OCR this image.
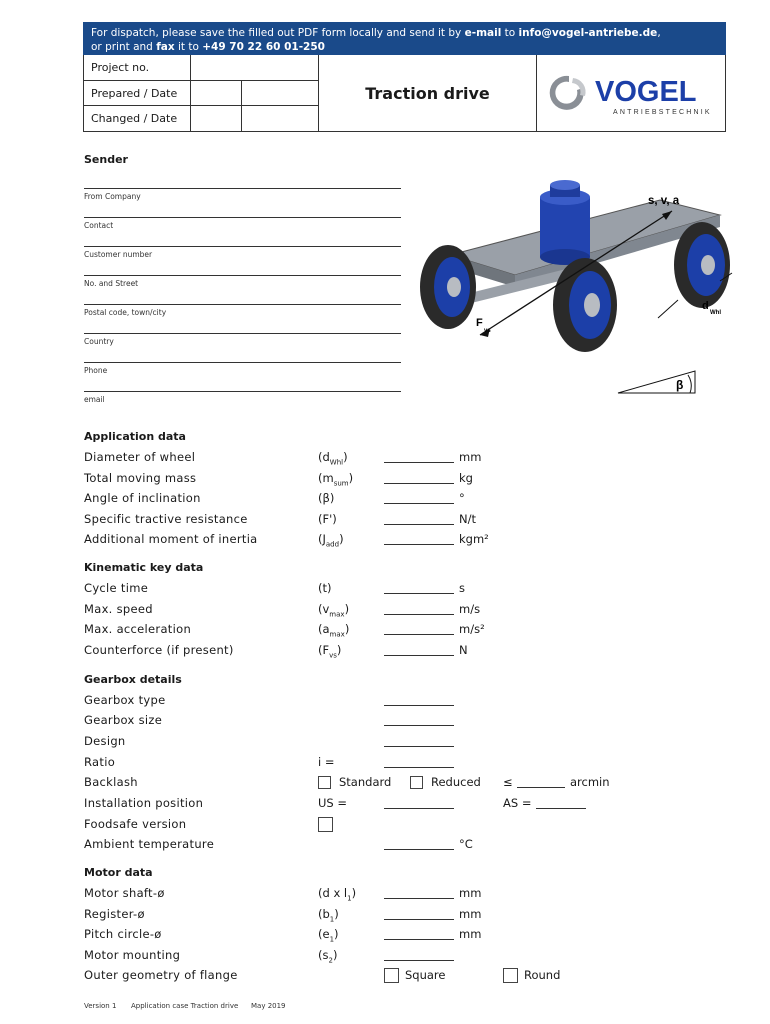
For dispatch, please save the filled out PDF form locally and send it by e-mail to info@vogel-antriebe.de,
or print and fax it to +49 70 22 60 01-250
Project no.
Prepared / Date
Changed / Date
Traction drive	VOGEL
ANTRIEBSTECHNIK
Sender
From Company
Contact
Customer number
No. and Street
Postal code, town/city
Country
Phone
email
s, v, a
F
vs
d
Whl
β
Application data
Diameter of wheel	$(d_{Whl})$	mm
Total moving mass	$(m_{sum})$	kg
Angle of inclination	(β)	°
Specific tractive resistance	(F')	N/t
Additional moment of inertia	$(J_{add})$	kgm²
Kinematic key data
Cycle time	(t)	s
Max. speed	$(v_{max})$	m/s
Max. acceleration	$(a_{max})$	m/s²
Counterforce (if present)	$(F_{vs})$	N
Gearbox details
Gearbox type
Gearbox size
Design
Ratio	i =
Backlash	Standard	Reduced ≤	arcmin
Installation position	US =	AS =
Foodsafe version
Ambient temperature	°C
Motor data
Motor shaft-ø	(d x $l_1$)	mm
Register-ø	$(b_1)$	mm
Pitch circle-ø	$(e_1)$	mm
Motor mounting	$(s_2)$
Outer geometry of flange	Square	Round
Version 1 Application case Traction drive May 2019
